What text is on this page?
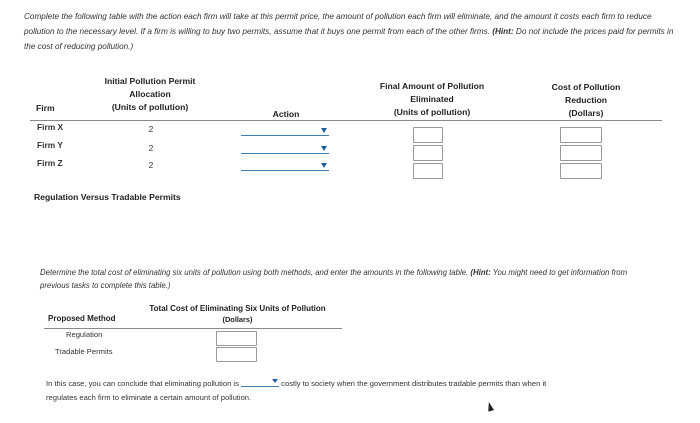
Complete the following table with the action each firm will take at this permit price, the amount of pollution each firm will eliminate, and the amount it costs each firm to reduce pollution to the necessary level. If a firm is willing to buy two permits, assume that it buys one permit from each of the other firms. (Hint: Do not include the prices paid for permits in the cost of reducing pollution.)
Firm
Initial Pollution Permit
Allocation
(Units of pollution)
Action
Final Amount of Pollution
Eliminated
(Units of pollution)
Cost of Pollution
Reduction
(Dollars)
Firm X
Firm Y
Firm Z
2
2
2
Regulation Versus Tradable Permits
Determine the total cost of eliminating six units of pollution using both methods, and enter the amounts in the following table. (Hint: You might need to get information from previous tasks to complete this table.)
Total Cost of Eliminating Six Units of Pollution
(Dollars)
Proposed Method
Regulation
Tradable Permits
In this case, you can conclude that eliminating pollution is	costly to society when the government distributes tradable permits than when it
regulates each firm to eliminate a certain amount of pollution.
